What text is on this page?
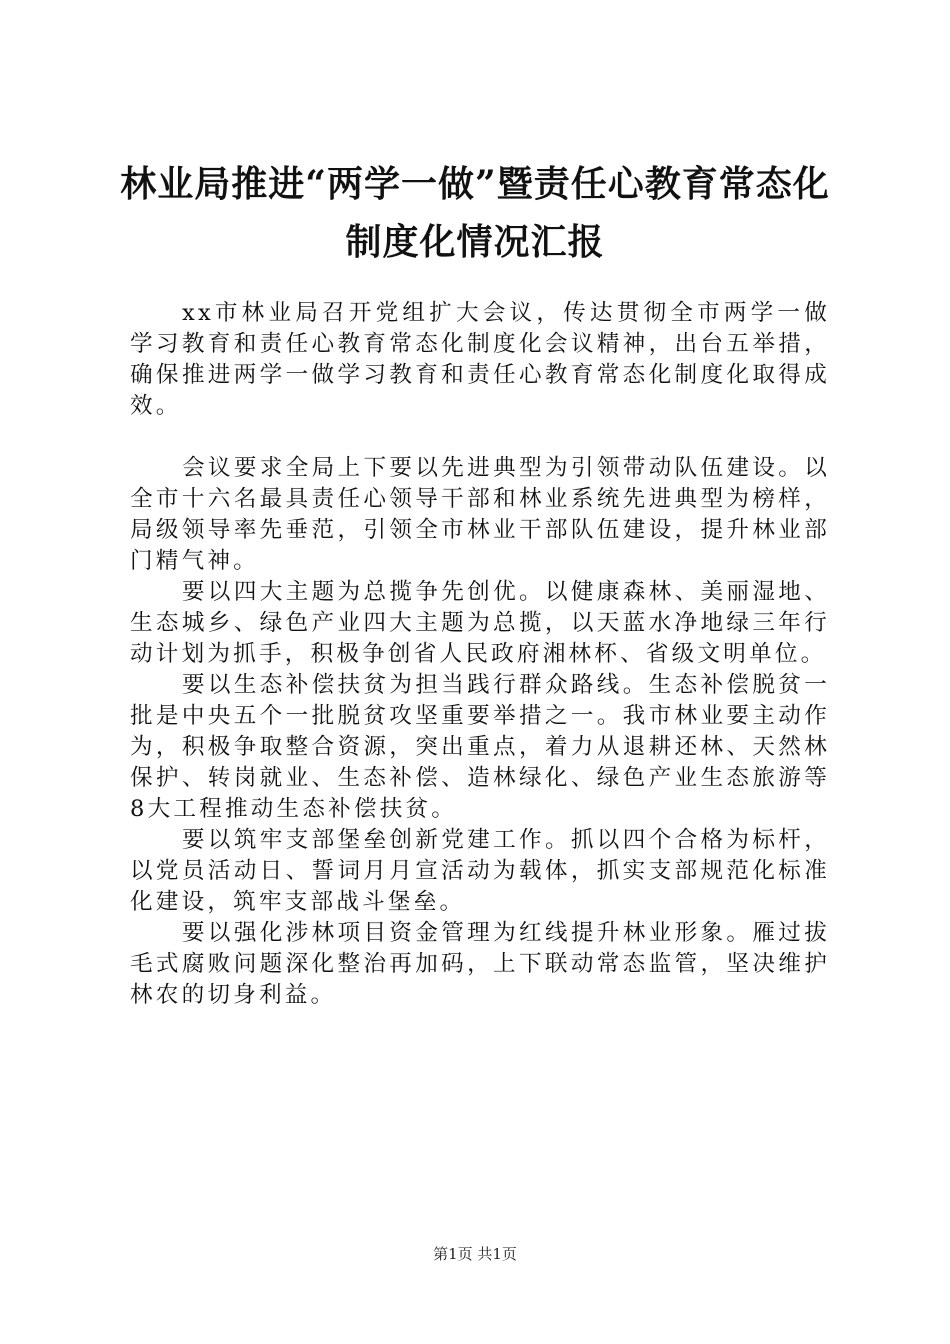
林业局推进“两学一做”暨责任心教育常态化
制度化情况汇报

xx市林业局召开党组扩大会议，传达贯彻全市两学一做学习教育和责任心教育常态化制度化会议精神，出台五举措，确保推进两学一做学习教育和责任心教育常态化制度化取得成效。

会议要求全局上下要以先进典型为引领带动队伍建设。以全市十六名最具责任心领导干部和林业系统先进典型为榜样，局级领导率先垂范，引领全市林业干部队伍建设，提升林业部门精气神。

要以四大主题为总揽争先创优。以健康森林、美丽湿地、生态城乡、绿色产业四大主题为总揽，以天蓝水净地绿三年行动计划为抓手，积极争创省人民政府湘林杯、省级文明单位。

要以生态补偿扶贫为担当践行群众路线。生态补偿脱贫一批是中央五个一批脱贫攻坚重要举措之一。我市林业要主动作为，积极争取整合资源，突出重点，着力从退耕还林、天然林保护、转岗就业、生态补偿、造林绿化、绿色产业生态旅游等8大工程推动生态补偿扶贫。

要以筑牢支部堡垒创新党建工作。抓以四个合格为标杆，以党员活动日、誓词月月宣活动为载体，抓实支部规范化标准化建设，筑牢支部战斗堡垒。

要以强化涉林项目资金管理为红线提升林业形象。雁过拔毛式腐败问题深化整治再加码，上下联动常态监管，坚决维护林农的切身利益。

第1页 共1页
